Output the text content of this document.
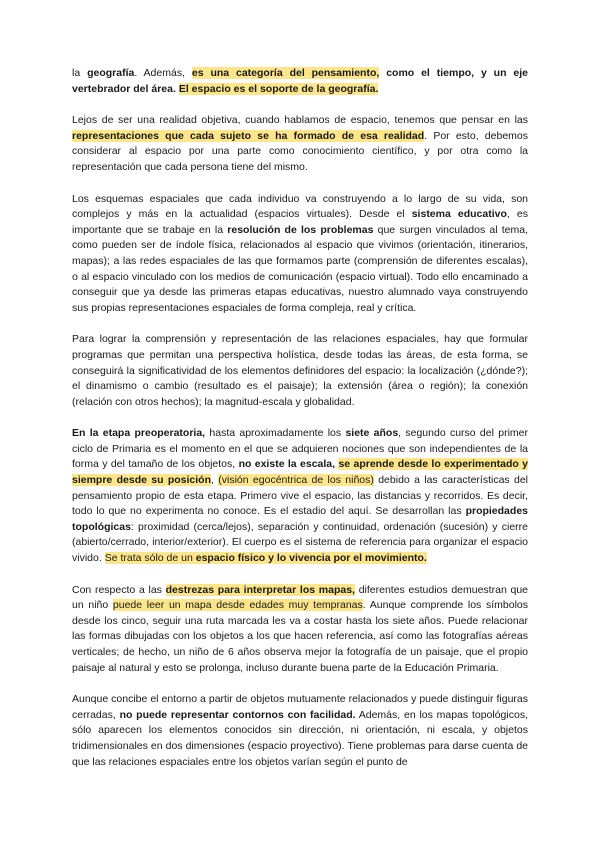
la geografía. Además, es una categoría del pensamiento, como el tiempo, y un eje vertebrador del área. El espacio es el soporte de la geografía.

Lejos de ser una realidad objetiva, cuando hablamos de espacio, tenemos que pensar en las representaciones que cada sujeto se ha formado de esa realidad. Por esto, debemos considerar al espacio por una parte como conocimiento científico, y por otra como la representación que cada persona tiene del mismo.

Los esquemas espaciales que cada individuo va construyendo a lo largo de su vida, son complejos y más en la actualidad (espacios virtuales). Desde el sistema educativo, es importante que se trabaje en la resolución de los problemas que surgen vinculados al tema, como pueden ser de índole física, relacionados al espacio que vivimos (orientación, itinerarios, mapas); a las redes espaciales de las que formamos parte (comprensión de diferentes escalas), o al espacio vinculado con los medios de comunicación (espacio virtual). Todo ello encaminado a conseguir que ya desde las primeras etapas educativas, nuestro alumnado vaya construyendo sus propias representaciones espaciales de forma compleja, real y crítica.

Para lograr la comprensión y representación de las relaciones espaciales, hay que formular programas que permitan una perspectiva holística, desde todas las áreas, de esta forma, se conseguirá la significatividad de los elementos definidores del espacio: la localización (¿dónde?); el dinamismo o cambio (resultado es el paisaje); la extensión (área o región); la conexión (relación con otros hechos); la magnitud-escala y globalidad.

En la etapa preoperatoria, hasta aproximadamente los siete años, segundo curso del primer ciclo de Primaria es el momento en el que se adquieren nociones que son independientes de la forma y del tamaño de los objetos, no existe la escala, se aprende desde lo experimentado y siempre desde su posición, (visión egocéntrica de los niños) debido a las características del pensamiento propio de esta etapa. Primero vive el espacio, las distancias y recorridos. Es decir, todo lo que no experimenta no conoce. Es el estadio del aquí. Se desarrollan las propiedades topológicas: proximidad (cerca/lejos), separación y continuidad, ordenación (sucesión) y cierre (abierto/cerrado, interior/exterior). El cuerpo es el sistema de referencia para organizar el espacio vivido. Se trata sólo de un espacio físico y lo vivencia por el movimiento.

Con respecto a las destrezas para interpretar los mapas, diferentes estudios demuestran que un niño puede leer un mapa desde edades muy tempranas. Aunque comprende los símbolos desde los cinco, seguir una ruta marcada les va a costar hasta los siete años. Puede relacionar las formas dibujadas con los objetos a los que hacen referencia, así como las fotografías aéreas verticales; de hecho, un niño de 6 años observa mejor la fotografía de un paisaje, que el propio paisaje al natural y esto se prolonga, incluso durante buena parte de la Educación Primaria.

Aunque concibe el entorno a partir de objetos mutuamente relacionados y puede distinguir figuras cerradas, no puede representar contornos con facilidad. Además, en los mapas topológicos, sólo aparecen los elementos conocidos sin dirección, ni orientación, ni escala, y objetos tridimensionales en dos dimensiones (espacio proyectivo). Tiene problemas para darse cuenta de que las relaciones espaciales entre los objetos varían según el punto de
